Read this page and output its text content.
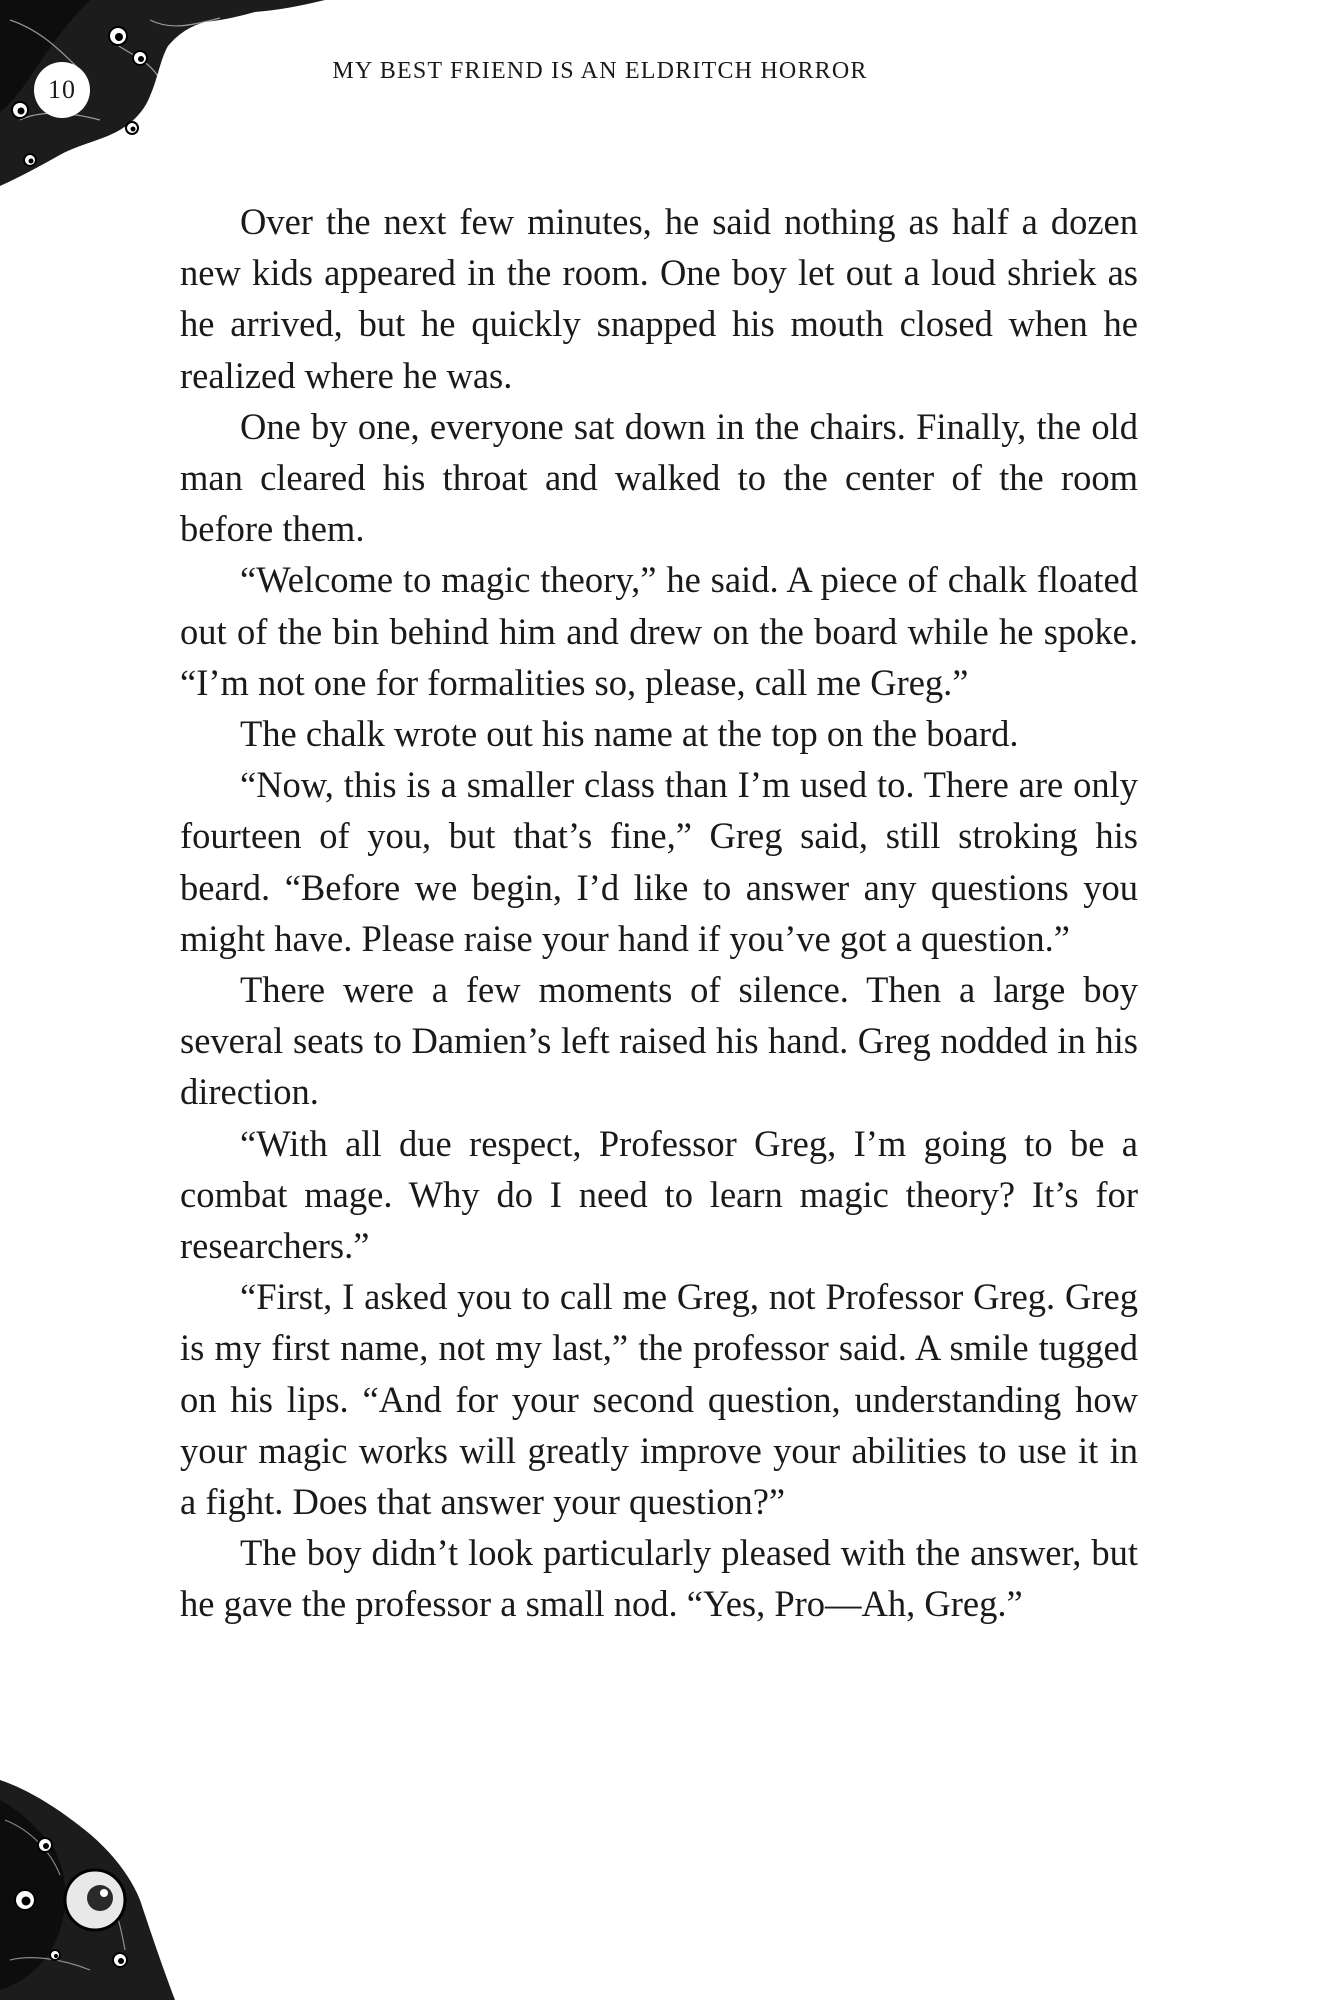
10
MY BEST FRIEND IS AN ELDRITCH HORROR

Over the next few minutes, he said nothing as half a dozen new kids appeared in the room. One boy let out a loud shriek as he arrived, but he quickly snapped his mouth closed when he realized where he was.

One by one, everyone sat down in the chairs. Finally, the old man cleared his throat and walked to the center of the room before them.

“Welcome to magic theory,” he said. A piece of chalk floated out of the bin behind him and drew on the board while he spoke. “I’m not one for formalities so, please, call me Greg.”

The chalk wrote out his name at the top on the board.

“Now, this is a smaller class than I’m used to. There are only fourteen of you, but that’s fine,” Greg said, still stroking his beard. “Before we begin, I’d like to answer any questions you might have. Please raise your hand if you’ve got a question.”

There were a few moments of silence. Then a large boy several seats to Damien’s left raised his hand. Greg nodded in his direction.

“With all due respect, Professor Greg, I’m going to be a combat mage. Why do I need to learn magic theory? It’s for researchers.”

“First, I asked you to call me Greg, not Professor Greg. Greg is my first name, not my last,” the professor said. A smile tugged on his lips. “And for your second question, understanding how your magic works will greatly improve your abilities to use it in a fight. Does that answer your question?”

The boy didn’t look particularly pleased with the answer, but he gave the professor a small nod. “Yes, Pro—Ah, Greg.”
